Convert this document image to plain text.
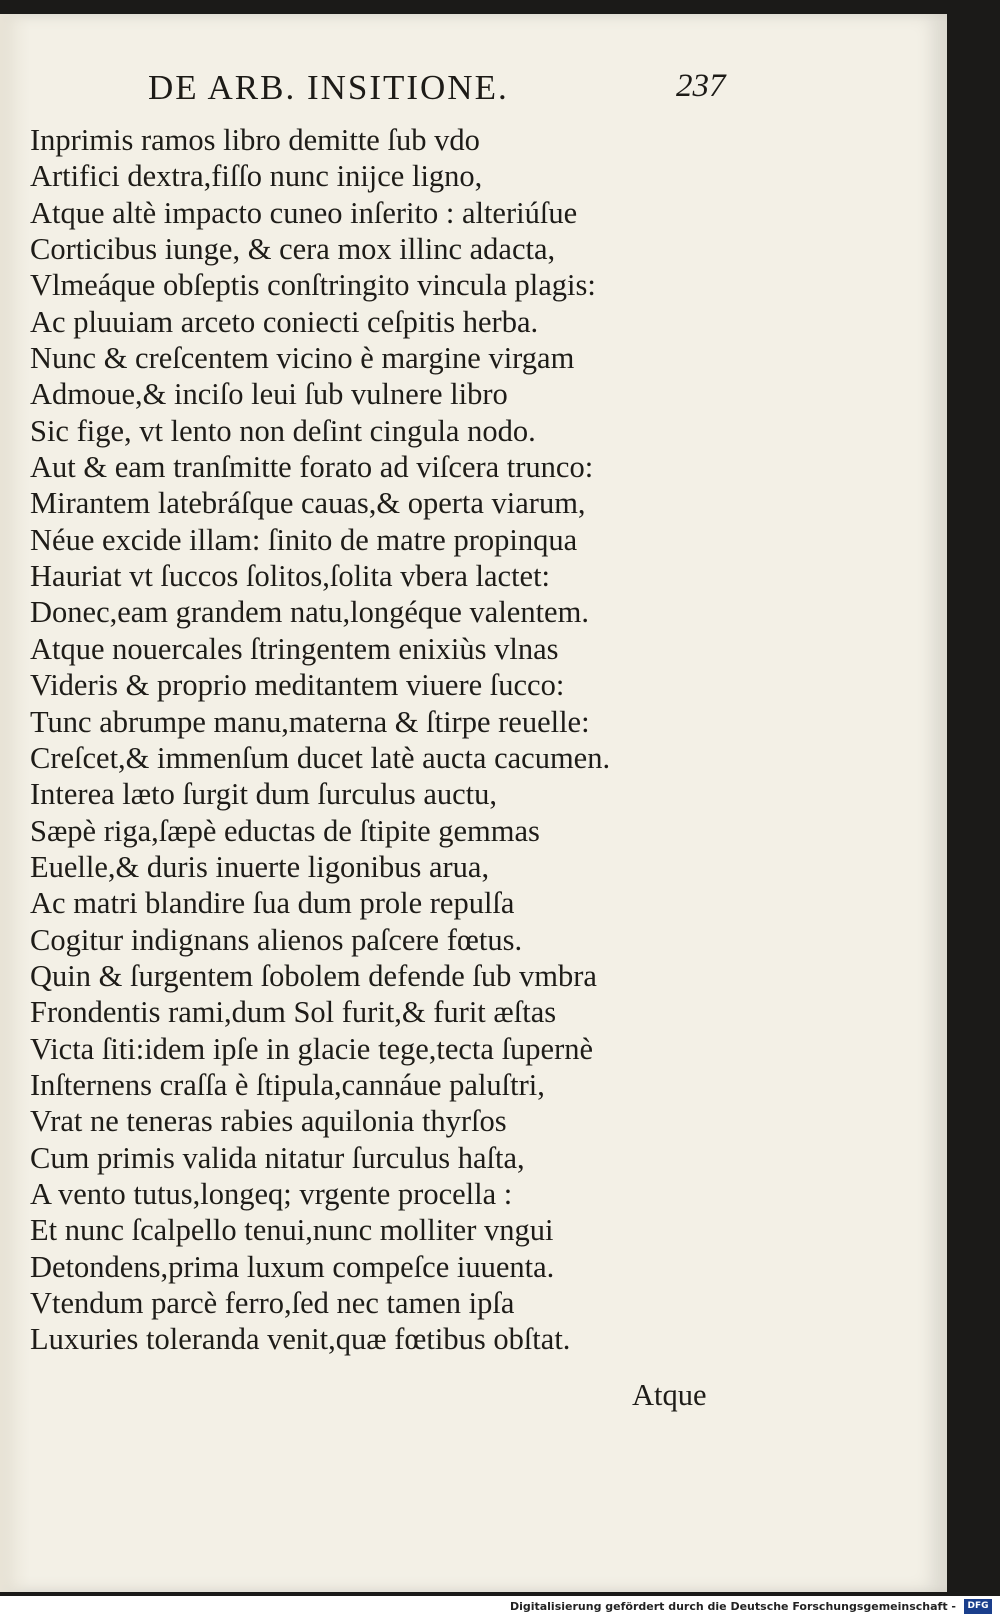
DE ARB. INSITIONE.	237
Inprimis ramos libro demitte ſub vdo
Artifici dextra,fiſſo nunc inijce ligno,
Atque altè impacto cuneo inſerito : alteriúſue
Corticibus iunge, & cera mox illinc adacta,
Vlmeáque obſeptis conſtringito vincula plagis:
Ac pluuiam arceto coniecti ceſpitis herba.
Nunc & creſcentem vicino è margine virgam
Admoue,& inciſo leui ſub vulnere libro
Sic fige, vt lento non deſint cingula nodo.
Aut & eam tranſmitte forato ad viſcera trunco:
Mirantem latebráſque cauas,& operta viarum,
Néue excide illam: ſinito de matre propinqua
Hauriat vt ſuccos ſolitos,ſolita vbera lactet:
Donec,eam grandem natu,longéque valentem.
Atque nouercales ſtringentem enixiùs vlnas
Videris & proprio meditantem viuere ſucco:
Tunc abrumpe manu,materna & ſtirpe reuelle:
Creſcet,& immenſum ducet latè aucta cacumen.
Interea læto ſurgit dum ſurculus auctu,
Sæpè riga,ſæpè eductas de ſtipite gemmas
Euelle,& duris inuerte ligonibus arua,
Ac matri blandire ſua dum prole repulſa
Cogitur indignans alienos paſcere fœtus.
Quin & ſurgentem ſobolem defende ſub vmbra
Frondentis rami,dum Sol furit,& furit æſtas
Victa ſiti:idem ipſe in glacie tege,tecta ſupernè
Inſternens craſſa è ſtipula,cannáue paluſtri,
Vrat ne teneras rabies aquilonia thyrſos
Cum primis valida nitatur ſurculus haſta,
A vento tutus,longeq; vrgente procella :
Et nunc ſcalpello tenui,nunc molliter vngui
Detondens,prima luxum compeſce iuuenta.
Vtendum parcè ferro,ſed nec tamen ipſa
Luxuries toleranda venit,quæ fœtibus obſtat.
Atque
Digitalisierung gefördert durch die Deutsche Forschungsgemeinschaft -	DFG
